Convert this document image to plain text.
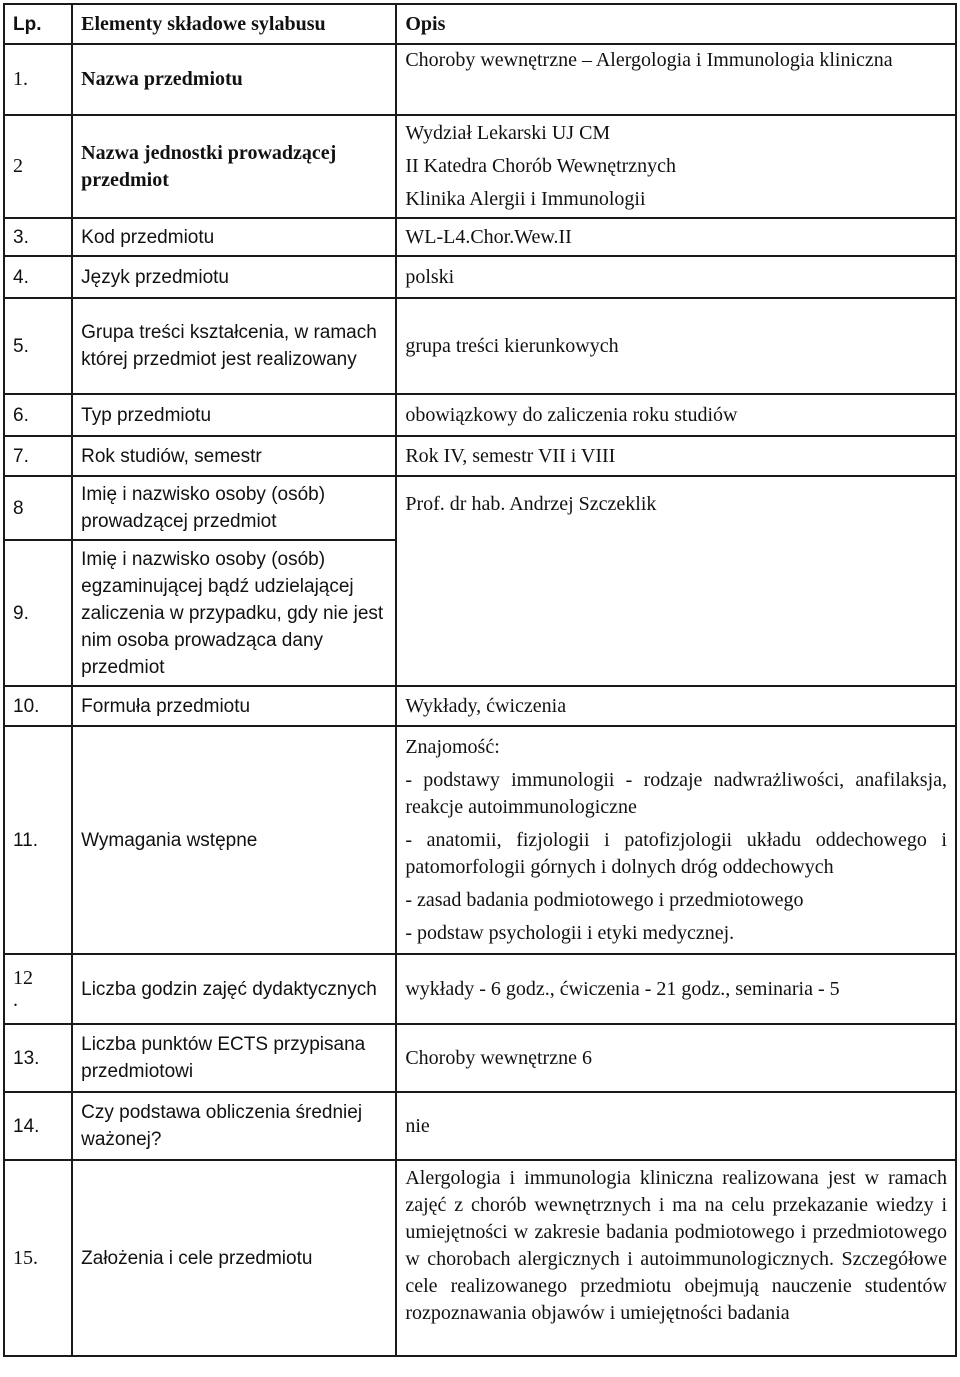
Lp.	Elementy składowe sylabusu	Opis
1.	Nazwa przedmiotu	Choroby wewnętrzne – Alergologia i Immunologia kliniczna
2	Nazwa jednostki prowadzącej przedmiot	Wydział Lekarski UJ CM
II Katedra Chorób Wewnętrznych
Klinika Alergii i Immunologii

3.	Kod przedmiotu	WL-L4.Chor.Wew.II
4.	Język przedmiotu	polski
5.	Grupa treści kształcenia, w ramach której przedmiot jest realizowany	grupa treści kierunkowych
6.	Typ przedmiotu	obowiązkowy do zaliczenia roku studiów
7.	Rok studiów, semestr	Rok IV, semestr VII i VIII
8	Imię i nazwisko osoby (osób) prowadzącej przedmiot	Prof. dr hab. Andrzej Szczeklik
9.	Imię i nazwisko osoby (osób) egzaminującej bądź udzielającej zaliczenia w przypadku, gdy nie jest nim osoba prowadząca dany przedmiot	
10.	Formuła przedmiotu	Wykłady, ćwiczenia
11.	Wymagania wstępne	Znajomość:
- podstawy immunologii - rodzaje nadwrażliwości, anafilaksja, reakcje autoimmunologiczne
- anatomii, fizjologii i patofizjologii układu oddechowego i patomorfologii górnych i dolnych dróg oddechowych
- zasad badania podmiotowego i przedmiotowego
- podstaw psychologii i etyki medycznej.

12
.	Liczba godzin zajęć dydaktycznych	wykłady - 6 godz., ćwiczenia - 21 godz., seminaria - 5
13.	Liczba punktów ECTS przypisana przedmiotowi	Choroby wewnętrzne 6
14.	Czy podstawa obliczenia średniej ważonej?	nie
15.	Założenia i cele przedmiotu	Alergologia i immunologia kliniczna realizowana jest w ramach zajęć z chorób wewnętrznych i ma na celu przekazanie wiedzy i umiejętności w zakresie badania podmiotowego i przedmiotowego w chorobach alergicznych i autoimmunologicznych. Szczegółowe cele realizowanego przedmiotu obejmują nauczenie studentów rozpoznawania objawów i umiejętności badania
